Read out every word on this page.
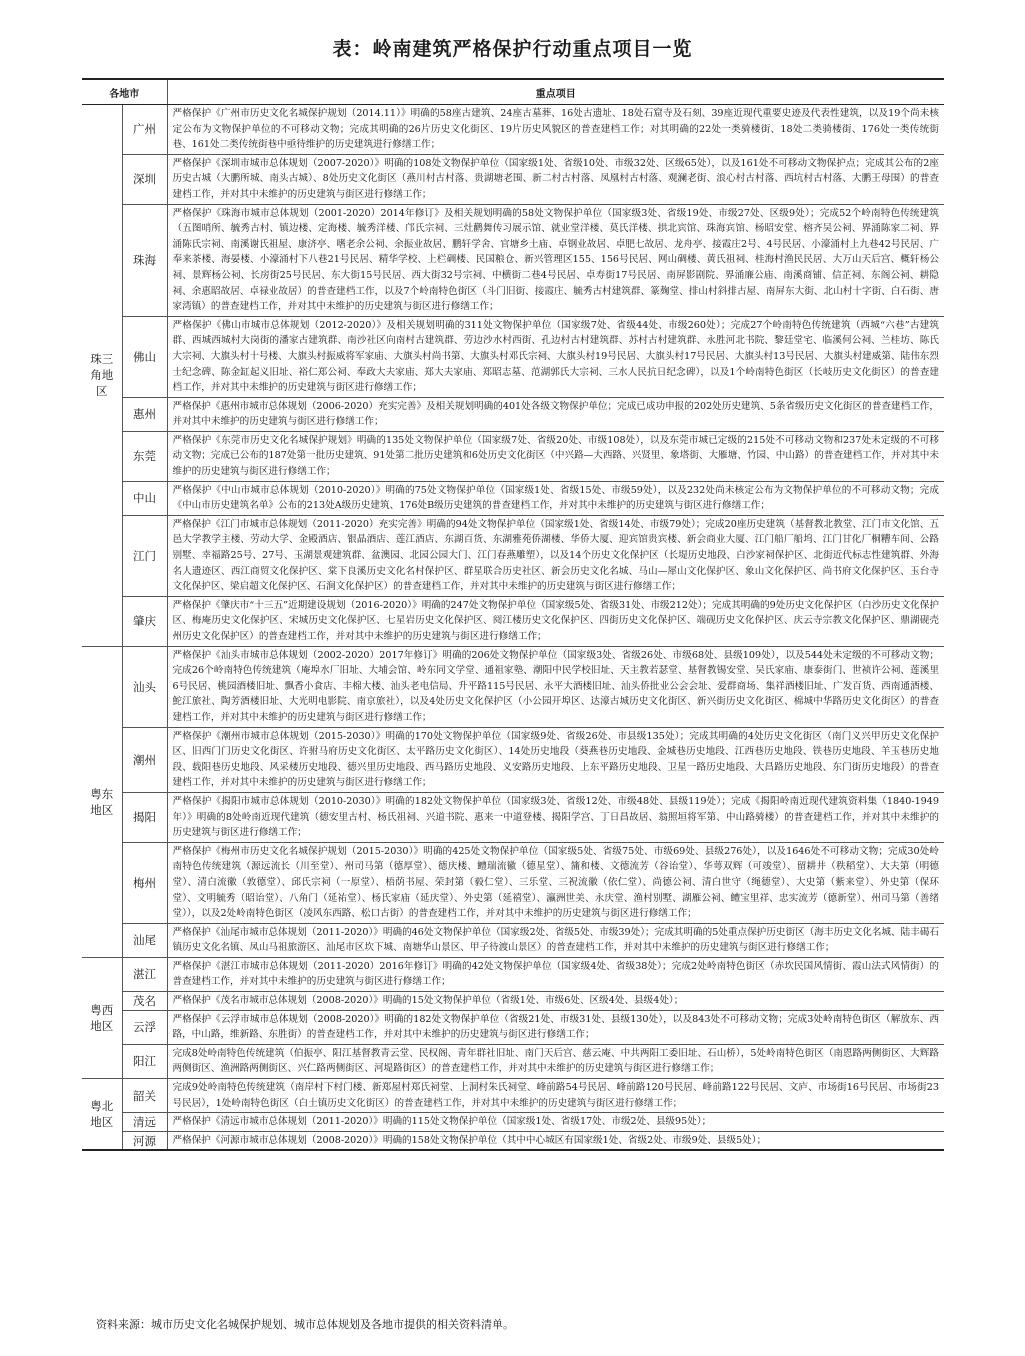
表：岭南建筑严格保护行动重点项目一览
各地市		重点项目
珠三角地区	广州	严格保护《广州市历史文化名城保护规划（2014.11）》明确的58座古建筑、24座古墓葬、16处古遗址、18处石窟寺及石刻、39座近现代重要史迹及代表性建筑，以及19个尚未核定公布为文物保护单位的不可移动文物；完成其明确的26片历史文化街区、19片历史风貌区的普查建档工作；对其明确的22处一类骑楼街、18处二类骑楼街、176处一类传统街巷、161处二类传统街巷中亟待维护的历史建筑进行修缮工作；
	深圳	严格保护《深圳市城市总体规划（2007-2020）》明确的108处文物保护单位（国家级1处、省级10处、市级32处、区级65处），以及161处不可移动文物保护点；完成其公布的2座历史古城（大鹏所城、南头古城）、8处历史文化街区（燕川村古村落、贵湖塘老围、新二村古村落、凤凰村古村落、观澜老街、浪心村古村落、西坑村古村落、大鹏王母围）的普查建档工作，并对其中未维护的历史建筑与街区进行修缮工作；
	珠海	严格保护《珠海市城市总体规划（2001-2020）2014年修订》及相关规划明确的58处文物保护单位（国家级3处、省级19处、市级27处、区级9处）；完成52个岭南特色传统建筑（五图哨所、毓秀古村、镇边楼、定海楼、毓秀洋楼、邝氏宗祠、三灶鹳舞传习展示馆、就业堂洋楼、莫氏洋楼、拱北宾馆、珠海宾馆、杨昭安堂、榕齐吴公祠、界涌陈家二祠、界涌陈氏宗祠、南溪谢氏祖屋、康济亭、嗜老余公祠、余振业故居、鹏轩学舍、官塘乡土庙、卓钢业故居、卓肥七故居、龙舟亭、接霞庄2号、4号民居、小濠涌村上九巷42号民居、广奉来茶楼、海晏楼、小濠涌村下八巷21号民居、精华学校、上栏碉楼、民国粮仓、新兴管理区155、156号民居、网山碉楼、黄氏祖祠、桂海村渔民民居、大万山天后宫、概轩杨公祠、景辉杨公祠、长房街25号民居、东大街15号民居、西大街32号宗祠、中横街二巷4号民居、卓寿街17号民居、南屏影剧院、界涌廉公庙、南溪商铺、信芷祠、东阁公祠、耕隐祠、余惠昭故居、卓禄业故居）的普查建档工作，以及7个岭南特色街区（斗门旧街、接霞庄、毓秀古村建筑群、篆麹堂、排山村斜排古屋、南屏东大街、北山村十字街、白石街、唐家湾镇）的普查建档工作，并对其中未维护的历史建筑与街区进行修缮工作；
	佛山	严格保护《佛山市城市总体规划（2012-2020）》及相关规划明确的311处文物保护单位（国家级7处、省级44处、市级260处）；完成27个岭南特色传统建筑（西城“六巷”古建筑群、西城西城村大岗街的潘家古建筑群、南沙社区向南村古建筑群、劳边沙水村西街、孔边村古村建筑群、苏村古村建筑群、永胜河北书院、黎廷堂宅、临溪何公祠、兰桂坊、陈氏大宗祠、大旗头村十号楼、大旗头村振威将军家庙、大旗头村尚书第、大旗头村邓氏宗祠、大旗头村19号民居、大旗头村17号民居、大旗头村13号民居、大旗头村建威第、陆伟东烈士纪念碑、陈金缸起义旧址、裕仁郑公祠、奉政大夫家庙、郑大夫家庙、郑昭志墓、范湖郭氏大宗祠、三水人民抗日纪念碑），以及1个岭南特色街区（长岐历史文化街区）的普查建档工作，并对其中未维护的历史建筑与街区进行修缮工作；
	惠州	严格保护《惠州市城市总体规划（2006-2020）充实完善》及相关规划明确的401处各级文物保护单位；完成已成功申报的202处历史建筑、5条省级历史文化街区的普查建档工作，并对其中未维护的历史建筑与街区进行修缮工作；
	东莞	严格保护《东莞市历史文化名城保护规划》明确的135处文物保护单位（国家级7处、省级20处、市级108处），以及东莞市城已定级的215处不可移动文物和237处未定级的不可移动文物；完成已公布的187处第一批历史建筑、91处第二批历史建筑和6处历史文化街区（中兴路—大西路、兴贤里、象塔街、大雁塘、竹园、中山路）的普查建档工作，并对其中未维护的历史建筑与街区进行修缮工作；
	中山	严格保护《中山市城市总体规划（2010-2020）》明确的75处文物保护单位（国家级1处、省级15处、市级59处），以及232处尚未核定公布为文物保护单位的不可移动文物；完成《中山市历史建筑名单》公布的213处A级历史建筑、176处B级历史建筑的普查建档工作，并对其中未维护的历史建筑与街区进行修缮工作；
	江门	严格保护《江门市城市总体规划（2011-2020）充实完善》明确的94处文物保护单位（国家级1处、省级14处、市级79处）；完成20座历史建筑（基督教北教堂、江门市文化馆、五邑大学教学主楼、劳动大学、金殿酒店、银晶酒店、莲江酒店、东湖百货、东湖雅苑侨湖楼、华侨大厦、迎宾馆贵宾楼、新会商业大厦、江门船厂船坞、江门甘化厂桐糟车间、公路别墅、幸福路25号、27号、玉湖景观建筑群、盆澳园、北园公园大门、江门春燕雕塑），以及14个历史文化保护区（长堤历史地段、白沙家祠保护区、北街近代标志性建筑群、外海名人遗迹区、西江商贸文化保护区、棠下良溪历史文化名村保护区、群星联合历史社区、新会历史文化名城、马山—犀山文化保护区、象山文化保护区、尚书府文化保护区、玉台寺文化保护区、梁启超文化保护区、石涧文化保护区）的普查建档工作，并对其中未维护的历史建筑与街区进行修缮工作；
	肇庆	严格保护《肇庆市“十三五”近期建设规划（2016-2020）》明确的247处文物保护单位（国家级5处、省级31处、市级212处）；完成其明确的9处历史文化保护区（白沙历史文化保护区、梅庵历史文化保护区、宋城历史文化保护区、七星岩历史文化保护区、阅江楼历史文化保护区、四街历史文化保护区、端砚历史文化保护区、庆云寺宗教文化保护区、鼎湖砚壳州历史文化保护区）的普查建档工作，并对其中未维护的历史建筑与街区进行修缮工作；
粤东地区	汕头	严格保护《汕头市城市总体规划（2002-2020）2017年修订》明确的206处文物保护单位（国家级3处、省级26处、市级68处、县级109处），以及544处未定级的不可移动文物；完成26个岭南特色传统建筑（庵埠水厂旧址、大埔会馆、岭东同文学堂、通祖家塾、潮阳中民学校旧址、天主教若瑟堂、基督教锡安堂、吴氏家庙、康泰街门、世祯许公祠、莲溪里6号民居、桃园酒楼旧址、飘香小食店、丰棉大楼、汕头老电信局、升平路115号民居、永平大酒楼旧址、汕头侨批业公会会址、爱群商场、集祥酒楼旧址、广发百货、西南通酒楼、鮀江旅社、陶芳酒楼旧址、大光明电影院、南京旅社），以及4处历史文化保护区（小公园开埠区、达濠古城历史文化街区、新兴街历史文化街区、棉城中华路历史文化街区）的普查建档工作，并对其中未维护的历史建筑与街区进行修缮工作；
	潮州	严格保护《潮州市城市总体规划（2015-2030）》明确的170处文物保护单位（国家级9处、省级26处、市县级135处）；完成其明确的4处历史文化街区（南门义兴甲历史文化保护区、旧西门门历史文化街区、许驸马府历史文化街区、太平路历史文化街区）、14处历史地段（葵燕巷历史地段、金城巷历史地段、江西巷历史地段、铁巷历史地段、羊玉巷历史地段、载阳巷历史地段、风采楼历史地段、德兴里历史地段、西马路历史地段、义安路历史地段、上东平路历史地段、卫星一路历史地段、大昌路历史地段、东门街历史地段）的普查建档工作，并对其中未维护的历史建筑与街区进行修缮工作；
	揭阳	严格保护《揭阳市城市总体规划（2010-2030）》明确的182处文物保护单位（国家级3处、省级12处、市级48处、县级119处）；完成《揭阳岭南近现代建筑资料集（1840-1949年）》明确的8处岭南近现代建筑（德安里古村、杨氏祖祠、兴道书院、惠来一中道登楼、揭阳学宫、丁日昌故居、翁照垣将军第、中山路骑楼）的普查建档工作，并对其中未维护的历史建筑与街区进行修缮工作；
	梅州	严格保护《梅州市历史文化名城保护规划（2015-2030）》明确的425处文物保护单位（国家级5处、省级75处、市级69处、县级276处），以及1646处不可移动文物；完成30处岭南特色传统建筑（源远流长（川至堂）、州司马第（德厚堂）、德庆楼、鳢瑞流徽（德星堂）、䈬和楼、文德流芳（谷诒堂）、华萼双辉（可竣堂）、留耕井（秩稻堂）、大夫第（明德堂）、清白流徽（敦德堂）、邱氏宗祠（一原堂）、梧荫书屋、荣封第（毅仁堂）、三乐堂、三祝流徽（依仁堂）、尚德公祠、清白世守（绳德堂）、大史第（紫来堂）、外史第（保环堂）、文明毓秀（昭诒堂）、八角门（延祐堂）、杨氏家庙（延庆堂）、外史第（延禧堂）、瀛洲世美、永庆堂、渔村别墅、湖雁公祠、鳢宝里祥、忠实流芳（德新堂）、州司马第（善绪堂）），以及2处岭南特色街区（凌风东西路、松口古街）的普查建档工作，并对其中未维护的历史建筑与街区进行修缮工作；
	汕尾	严格保护《汕尾市城市总体规划（2011-2020）》明确的46处文物保护单位（国家级2处、省级5处、市级39处）；完成其明确的5处重点保护历史街区（海丰历史文化名城、陆丰碣石镇历史文化名镇、凤山马祖旅游区、汕尾市区坎下城、南塘华山景区、甲子待渡山景区）的普查建档工作，并对其中未维护的历史建筑与街区进行修缮工作；
粤西地区	湛江	严格保护《湛江市城市总体规划（2011-2020）2016年修订》明确的42处文物保护单位（国家级4处、省级38处）；完成2处岭南特色街区（赤坎民国风情街、霞山法式风情街）的普查建档工作，并对其中未维护的历史建筑与街区进行修缮工作；
	茂名	严格保护《茂名市城市总体规划（2008-2020）》明确的15处文物保护单位（省级1处、市级6处、区级4处、县级4处）；
	云浮	严格保护《云浮市城市总体规划（2008-2020）》明确的182处文物保护单位（省级21处、市级31处、县级130处），以及843处不可移动文物；完成3处岭南特色街区（解放东、西路，中山路，维新路、东胜街）的普查建档工作，并对其中未维护的历史建筑与街区进行修缮工作；
	阳江	完成8处岭南特色传统建筑（伯振亭、阳江基督教青云堂、民权阁、青年群社旧址、南门天后宫、慈云庵、中共两阳工委旧址、石山桥），5处岭南特色街区（南恩路两侧街区、大辉路两侧街区、渔洲路两侧街区、兴仁路两侧街区、河堤路街区）的普查建档工作，并对其中未维护的历史建筑与街区进行修缮工作；
粤北地区	韶关	完成9处岭南特色传统建筑（南岸村下村门楼、新郑屋村郑氏祠堂、上洞村朱氏祠堂、峰前路54号民居、峰前路120号民居、峰前路122号民居、文庐、市场街16号民居、市场街23号民居），1处岭南特色街区（白土镇历史文化街区）的普查建档工作，并对其中未维护的历史建筑与街区进行修缮工作；
	清远	严格保护《清远市城市总体规划（2011-2020）》明确的115处文物保护单位（国家级1处、省级17处、市级2处、县级95处）；
	河源	严格保护《河源市城市总体规划（2008-2020）》明确的158处文物保护单位（其中中心城区有国家级1处、省级2处、市级9处、县级5处）；
资料来源：城市历史文化名城保护规划、城市总体规划及各地市提供的相关资料清单。
